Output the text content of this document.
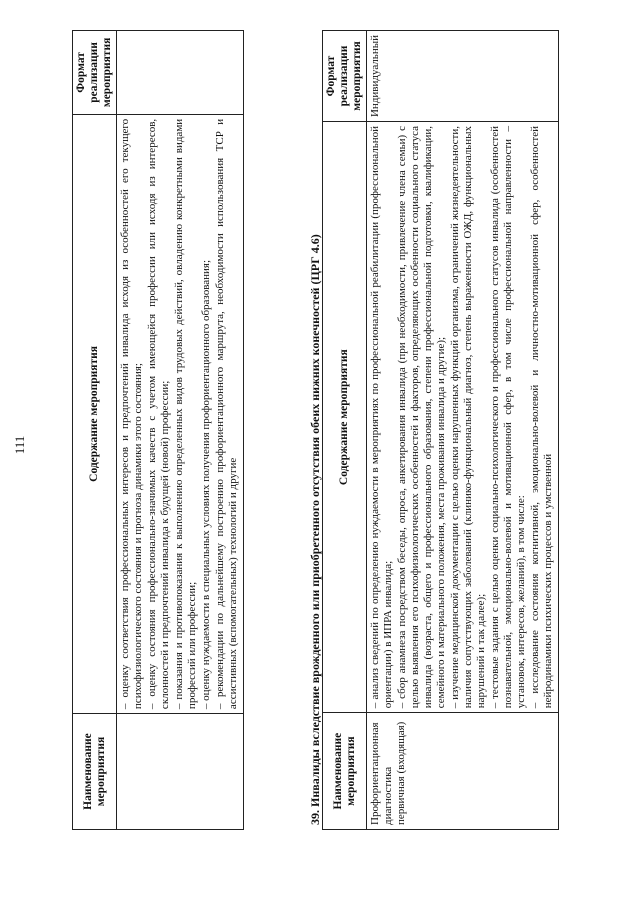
111
Наименование мероприятия	Содержание мероприятия	Формат реализации мероприятия

	– оценку соответствия профессиональных интересов и предпочтений инвалида исходя из особенностей его текущего психофизиологического состояния и прогноза динамики этого состояния; – оценку состояния профессионально-значимых качеств с учетом имеющейся профессии или исходя из интересов, склонностей и предпочтений инвалида к будущей (новой) профессии; – показания и противопоказания к выполнению определенных видов трудовых действий, овладению конкретными видами профессий или профессии; – оценку нуждаемости в специальных условиях получения профориентационного образования; – рекомендации по дальнейшему построению профориентационного маршрута, необходимости использования ТСР и ассистивных (вспомогательных) технологий и другие	

		39. Инвалиды вследствие врожденного или приобретенного отсутствия обеих нижних конечностей (ЦРГ 4.6) Наименование мероприятия	Содержание мероприятия	Формат реализации мероприятия
Профориентационная диагностика первичная (входящая)	– анализ сведений по определению нуждаемости в мероприятиях по профессиональной реабилитации (профессиональной ориентации) в ИПРА инвалида; – сбор анамнеза посредством беседы, опроса, анкетирования инвалида (при необходимости, привлечение члена семьи) с целью выявления его психофизиологических особенностей и факторов, определяющих особенности социального статуса инвалида (возраста, общего и профессионального образования, степени профессиональной подготовки, квалификации, семейного и материального положения, места проживания инвалида и другие); – изучение медицинской документации с целью оценки нарушенных функций организма, ограничений жизнедеятельности, наличия сопутствующих заболеваний (клинико-функциональный диагноз, степень выраженности ОЖД, функциональных нарушений и так далее); – тестовые задания с целью оценки социально-психологического и профессионального статусов инвалида (особенностей познавательной, эмоционально-волевой и мотивационной сфер, в том числе профессиональной направленности – установок, интересов, желаний), в том числе: – исследование состояния когнитивной, эмоционально-волевой и личностно-мотивационной сфер, особенностей нейродинамики психических процессов и умственной	Индивидуальный
